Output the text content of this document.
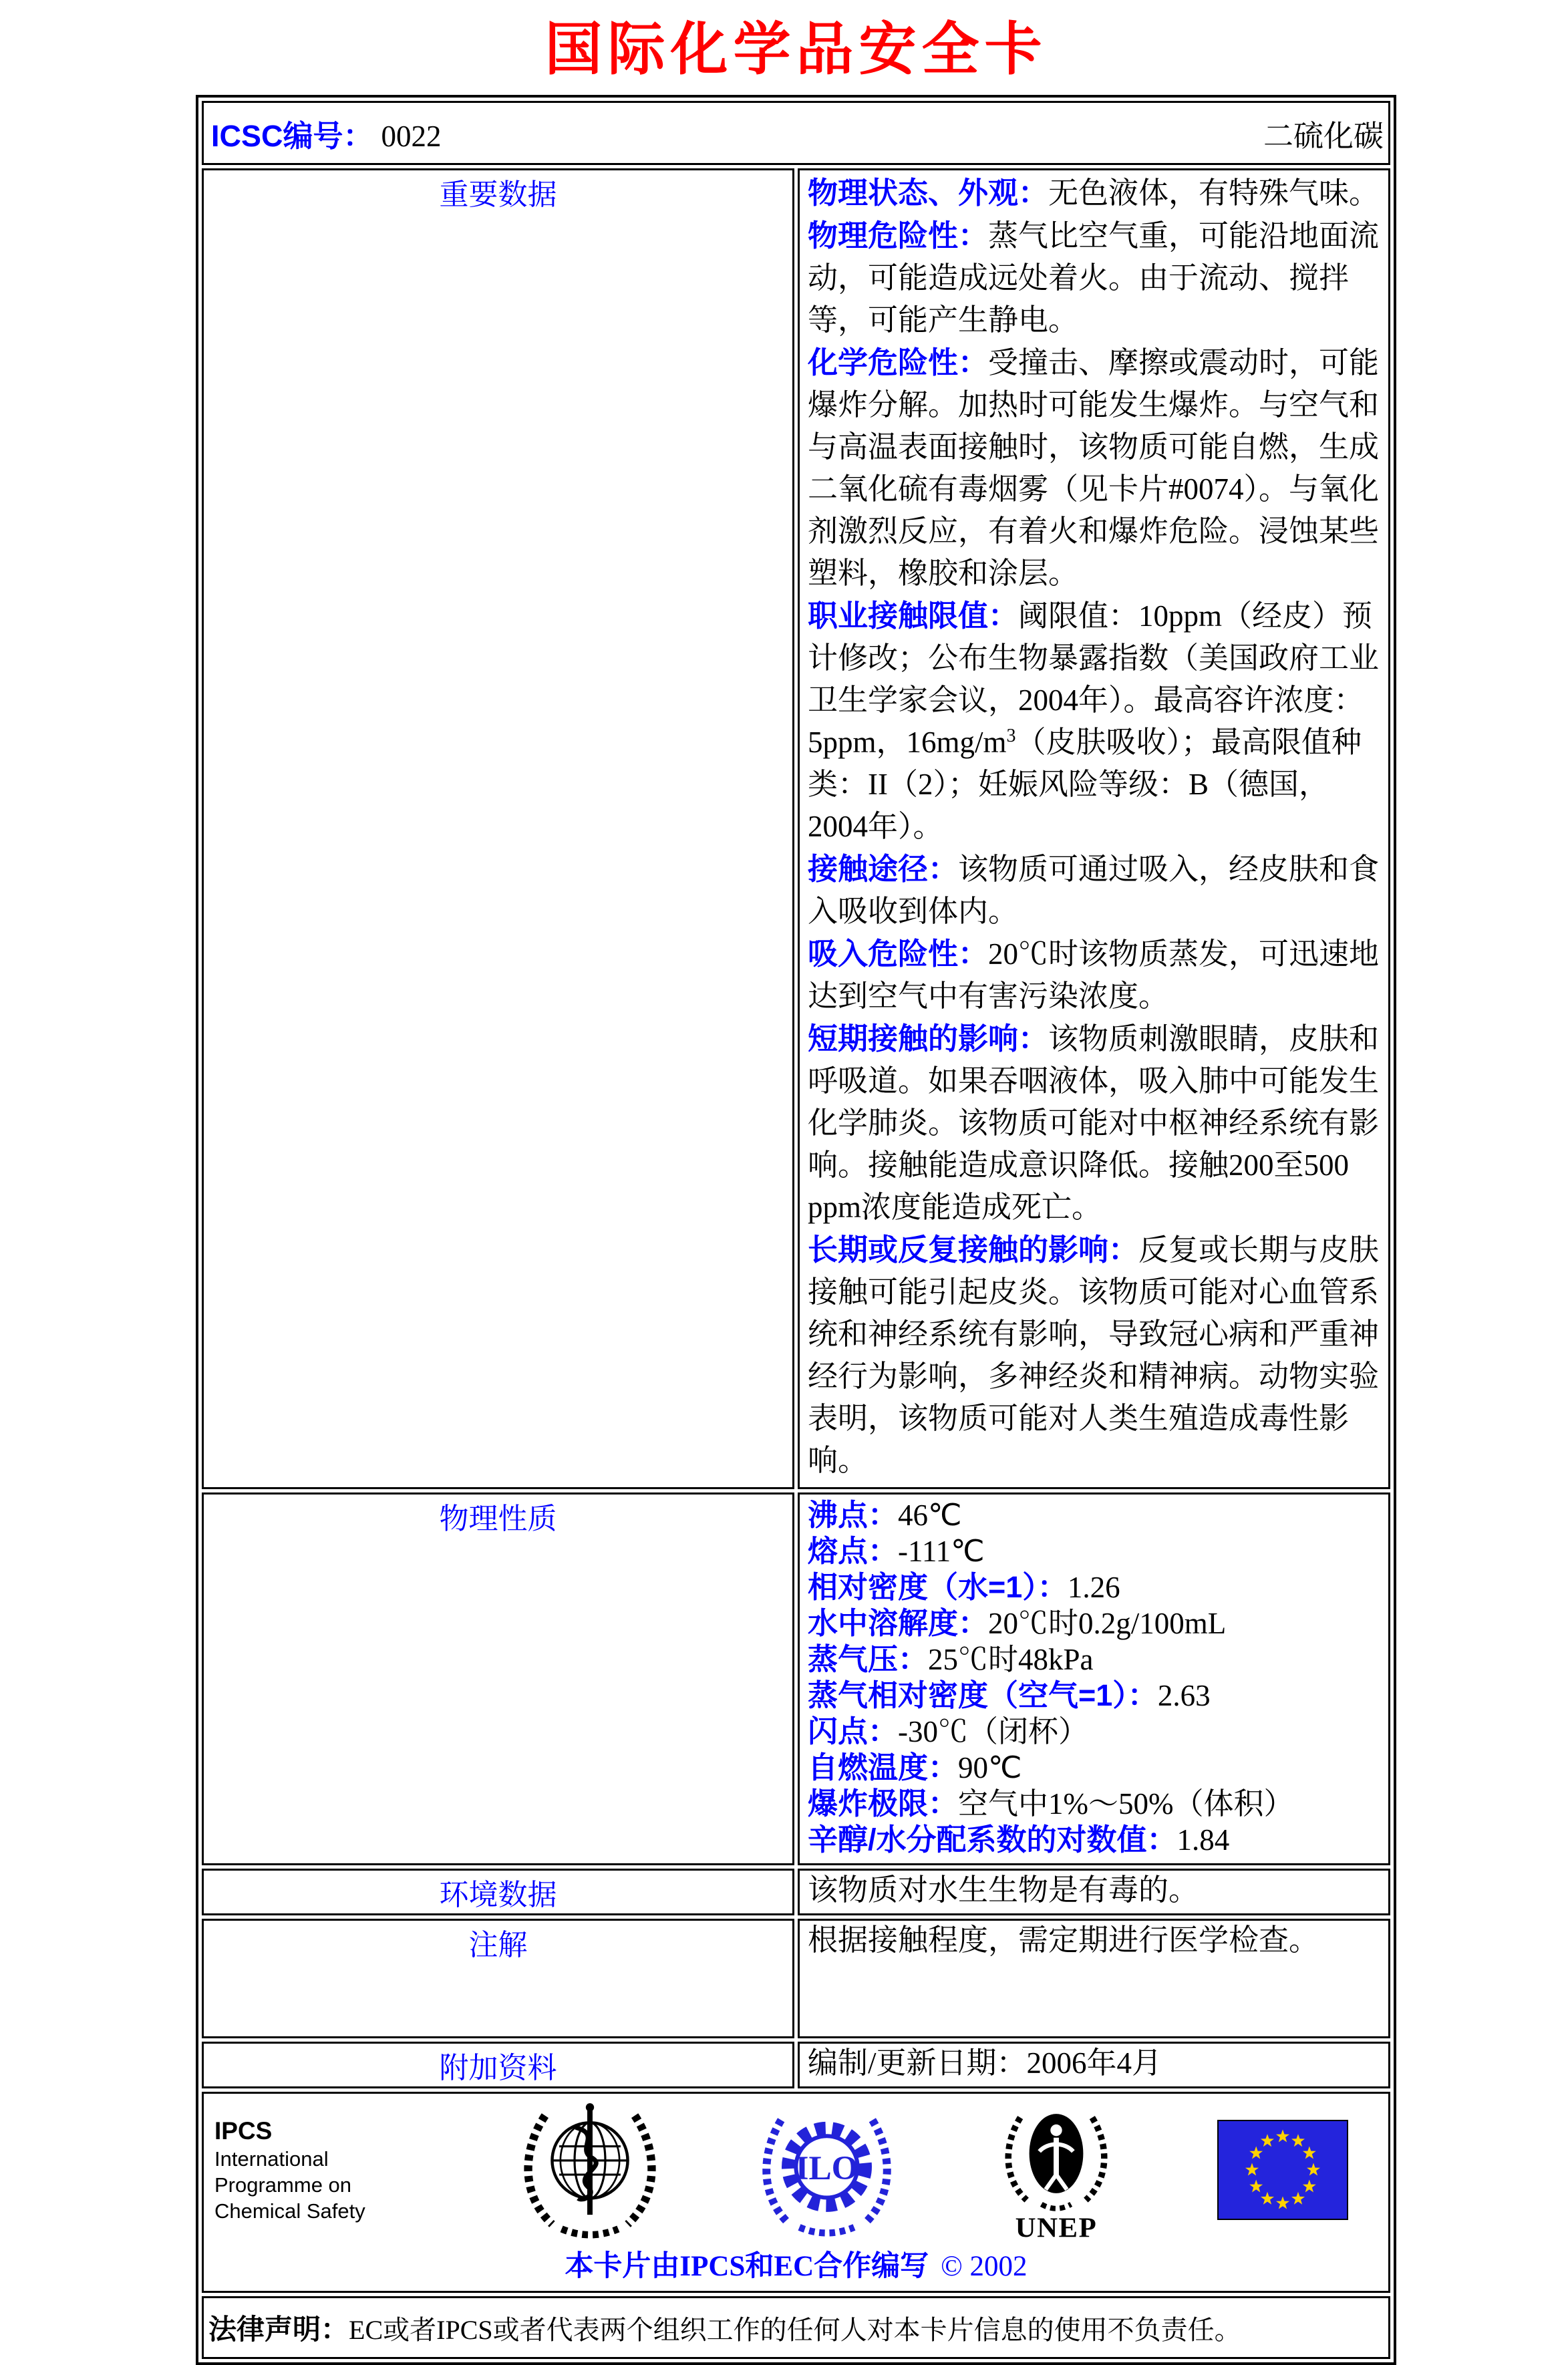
国际化学品安全卡
ICSC编号： 0022 二硫化碳	

重要数据	物理状态、外观：无色液体，有特殊气味。

物理危险性：蒸气比空气重，可能沿地面流动，可能造成远处着火。由于流动、搅拌等，可能产生静电。

化学危险性：受撞击、摩擦或震动时，可能爆炸分解。加热时可能发生爆炸。与空气和与高温表面接触时，该物质可能自燃，生成二氧化硫有毒烟雾（见卡片#0074）。与氧化剂激烈反应，有着火和爆炸危险。浸蚀某些塑料，橡胶和涂层。

职业接触限值：阈限值：10ppm（经皮）预计修改；公布生物暴露指数（美国政府工业卫生学家会议，2004年）。最高容许浓度：5ppm，$16mg/m^3$（皮肤吸收）；最高限值种类：II（2）；妊娠风险等级：B（德国，2004年）。

接触途径：该物质可通过吸入，经皮肤和食入吸收到体内。

吸入危险性：20℃时该物质蒸发，可迅速地达到空气中有害污染浓度。

短期接触的影响：该物质刺激眼睛，皮肤和呼吸道。如果吞咽液体，吸入肺中可能发生化学肺炎。该物质可能对中枢神经系统有影响。接触能造成意识降低。接触200至500 ppm浓度能造成死亡。

长期或反复接触的影响：反复或长期与皮肤接触可能引起皮炎。该物质可能对心血管系统和神经系统有影响，导致冠心病和严重神经行为影响，多神经炎和精神病。动物实验表明，该物质可能对人类生殖造成毒性影响。

物理性质	沸点：46℃

熔点：-111℃

相对密度（水=1）：1.26

水中溶解度：20℃时0.2g/100mL

蒸气压：25℃时48kPa

蒸气相对密度（空气=1）：2.63

闪点：-30℃（闭杯）

自燃温度：90℃

爆炸极限：空气中1%～50%（体积）

辛醇/水分配系数的对数值：1.84

环境数据	该物质对水生生物是有毒的。
注解	根据接触程度，需定期进行医学检查。
附加资料	编制/更新日期：2006年4月

IPCS
International
Programme on
Chemical Safety
ILO
UNEP
本卡片由IPCS和EC合作编写 © 2002

法律声明： EC或者IPCS或者代表两个组织工作的任何人对本卡片信息的使用不负责任。	
